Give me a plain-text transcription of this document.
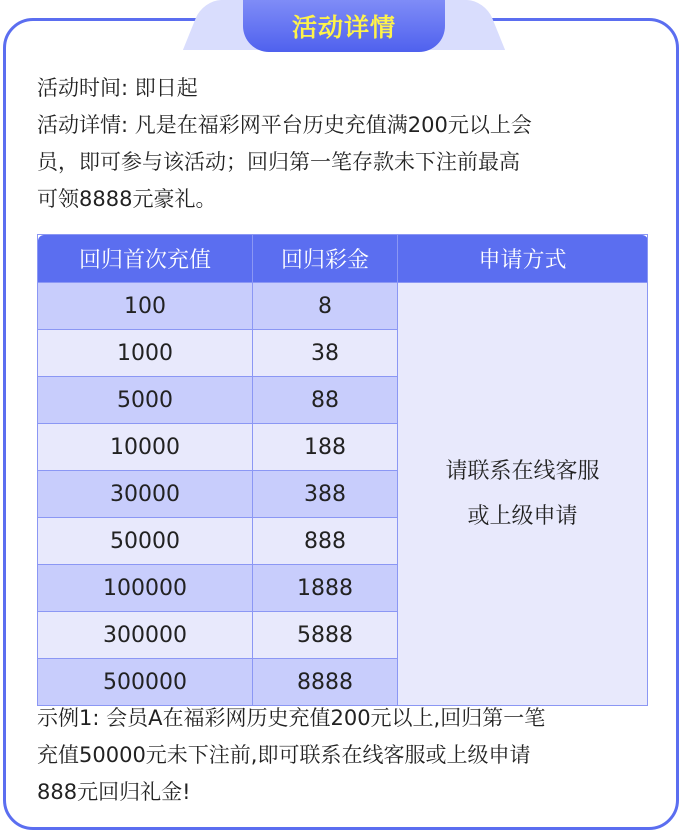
活动详情

活动时间: 即日起

活动详情: 凡是在福彩网平台历史充值满200元以上会

员，即可参与该活动；回归第一笔存款未下注前最高

可领8888元豪礼。

回归首次充值	回归彩金	申请方式
100	8	请联系在线客服
或上级申请

1000	38	
5000	88	
10000	188	
30000	388	
50000	888	
100000	1888	
300000	5888	
500000	8888	
示例1: 会员A在福彩网历史充值200元以上,回归第一笔
充值50000元未下注前,即可联系在线客服或上级申请
888元回归礼金!
